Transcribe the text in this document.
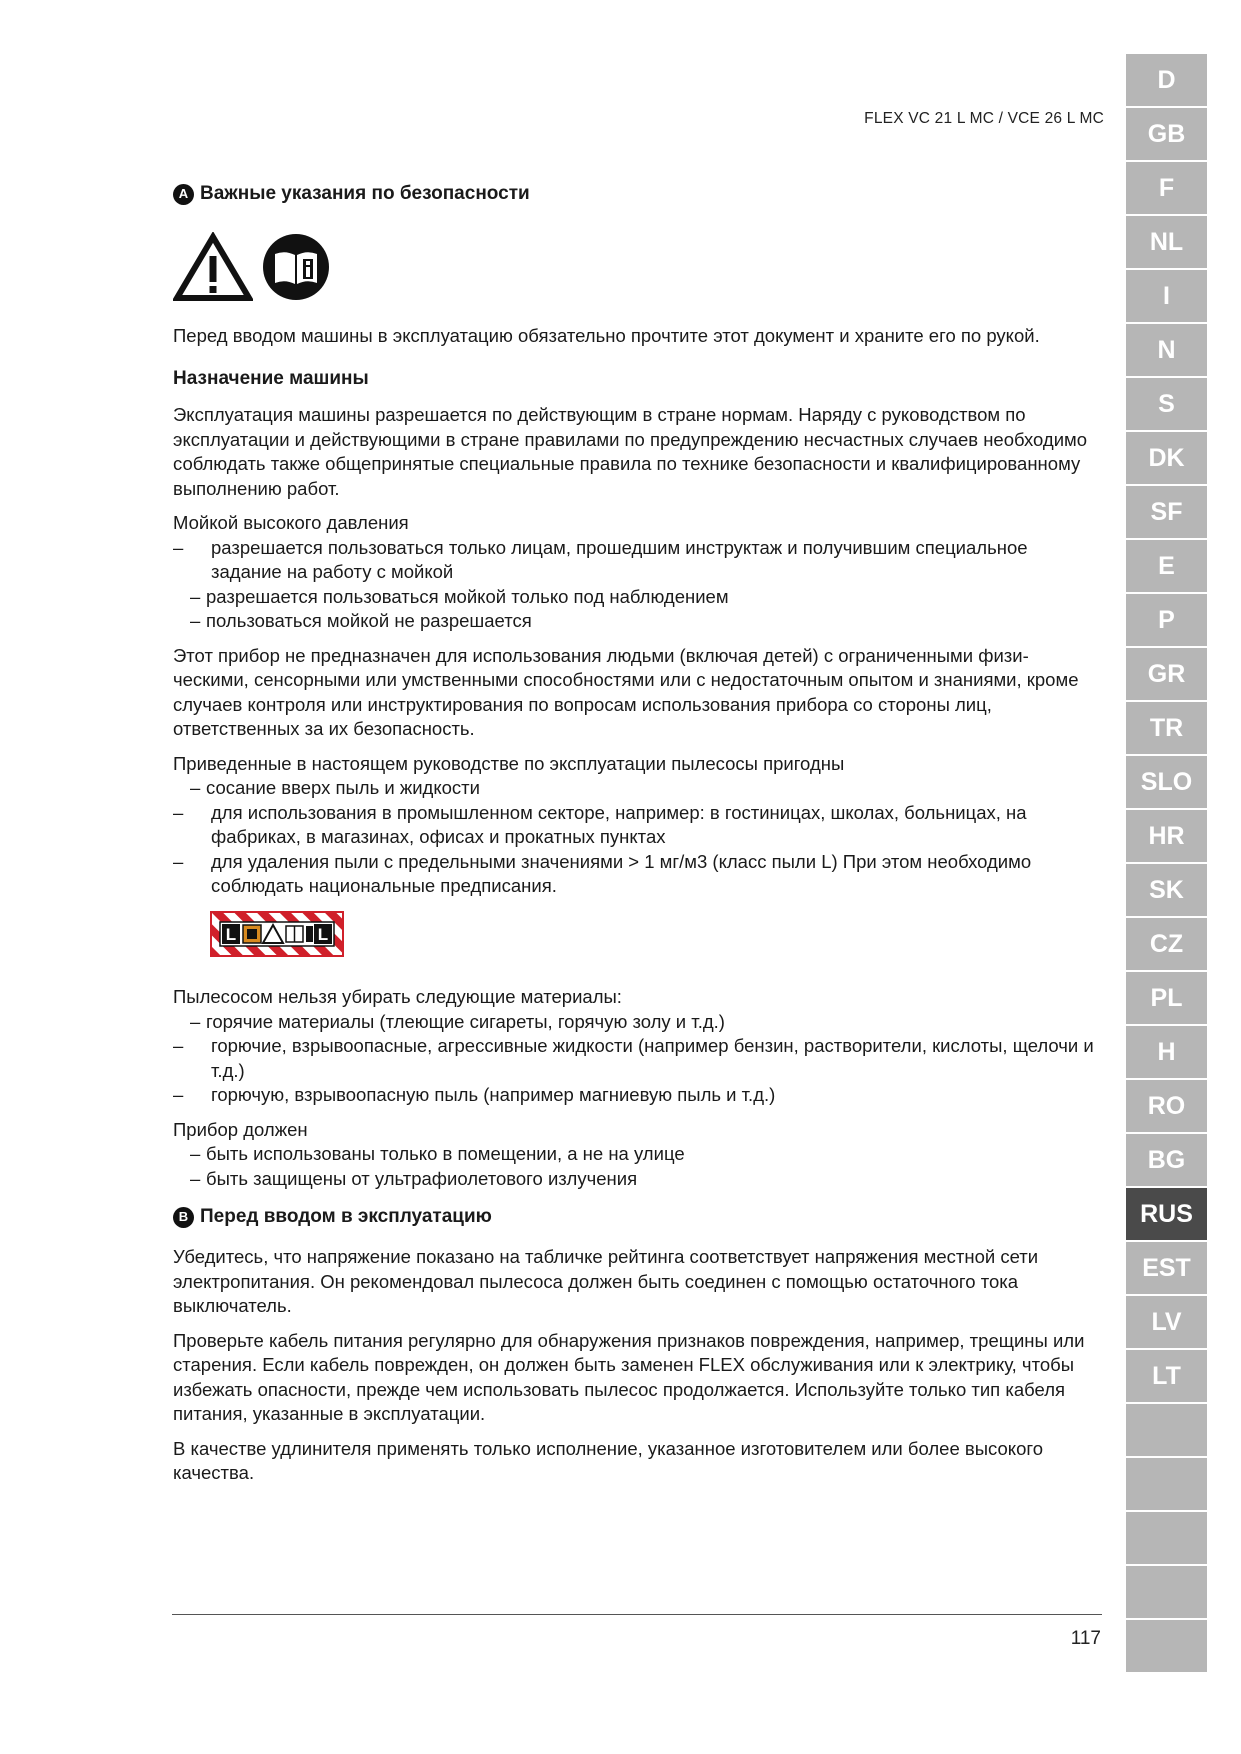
FLEX VC 21 L MC / VCE 26 L MC
A Важные указания по безопасности

Перед вводом машины в эксплуатацию обязательно прочтите этот документ и храните его по рукой.

Назначение машины

Эксплуатация машины разрешается по действующим в стране нормам. Наряду с руководством по эксплуатации и действующими в стране правилами по предупреждению несчастных случаев необходимо соблюдать также общепринятые специальные правила по технике безопасности и квалифицированному выполнению работ.

Мойкой высокого давления

–	разрешается пользоваться только лицам, прошедшим инструктаж и получившим специальное задание на работу с мойкой
– разрешается пользоваться мойкой только под наблюдением
– пользоваться мойкой не разрешается

Этот прибор не предназначен для использования людьми (включая детей) с ограниченными физи-ческими, сенсорными или умственными способностями или с недостаточным опытом и знаниями, кроме случаев контроля или инструктирования по вопросам использования прибора со стороны лиц, ответственных за их безопасность.

Приведенные в настоящем руководстве по эксплуатации пылесосы пригодны

– сосание вверх пыль и жидкости
–	для использования в промышленном секторе, например: в гостиницах, школах, больницах, на фабриках, в магазинах, офисах и прокатных пунктах
–	для удаления пыли с предельными значениями > 1 мг/м3 (класс пыли L) При этом необходимо соблюдать национальные предписания.
L	L

Пылесосом нельзя убирать следующие материалы:

– горячие материалы (тлеющие сигареты, горячую золу и т.д.)
–	горючие, взрывоопасные, агрессивные жидкости (например бензин, растворители, кислоты, щелочи и т.д.)
–	горючую, взрывоопасную пыль (например магниевую пыль и т.д.)

Прибор должен

– быть использованы только в помещении, а не на улице
– быть защищены от ультрафиолетового излучения
B Перед вводом в эксплуатацию

Убедитесь, что напряжение показано на табличке рейтинга соответствует напряжения местной сети электропитания. Он рекомендовал пылесоса должен быть соединен с помощью остаточного тока выключатель.

Проверьте кабель питания регулярно для обнаружения признаков повреждения, например, трещины или старения. Если кабель поврежден, он должен быть заменен FLEX обслуживания или к электрику, чтобы избежать опасности, прежде чем использовать пылесос продолжается. Используйте только тип кабеля питания, указанные в эксплуатации.

В качестве удлинителя применять только исполнение, указанное изготовителем или более высокого качества.

117
D
GB
F
NL
I
N
S
DK
SF
E
P
GR
TR
SLO
HR
SK
CZ
PL
H
RO
BG
RUS
EST
LV
LT
